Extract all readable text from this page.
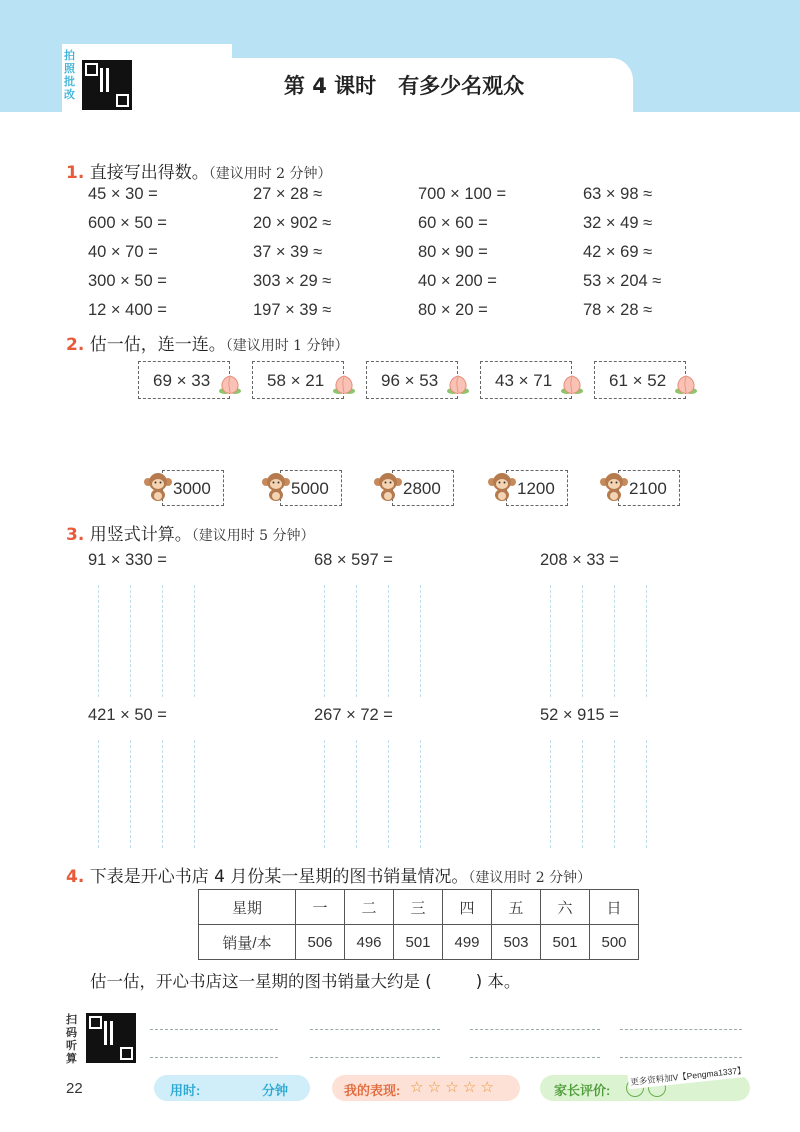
拍照批改	第 4 课时 有多少名观众
1. 直接写出得数。（建议用时 2 分钟）
45 × 30 =	27 × 28 ≈	700 × 100 =	63 × 98 ≈
600 × 50 =	20 × 902 ≈	60 × 60 =	32 × 49 ≈
40 × 70 =	37 × 39 ≈	80 × 90 =	42 × 69 ≈
300 × 50 =	303 × 29 ≈	40 × 200 =	53 × 204 ≈
12 × 400 =	197 × 39 ≈	80 × 20 =	78 × 28 ≈
2. 估一估，连一连。（建议用时 1 分钟）
69 × 33	58 × 21	96 × 53	43 × 71	61 × 52
3000	5000	2800	1200	2100
3. 用竖式计算。（建议用时 5 分钟）
91 × 330 =	68 × 597 =	208 × 33 =
421 × 50 =	267 × 72 =	52 × 915 =
4. 下表是开心书店 4 月份某一星期的图书销量情况。（建议用时 2 分钟）
星期	一	二	三	四	五	六	日
销量/本	506	496	501	499	503	501	500
估一估，开心书店这一星期的图书销量大约是 (	) 本。
扫码听算
22	用时:	分钟	我的表现: ☆ ☆ ☆ ☆ ☆	家长评价:
更多资料加V【Pengma1337】
